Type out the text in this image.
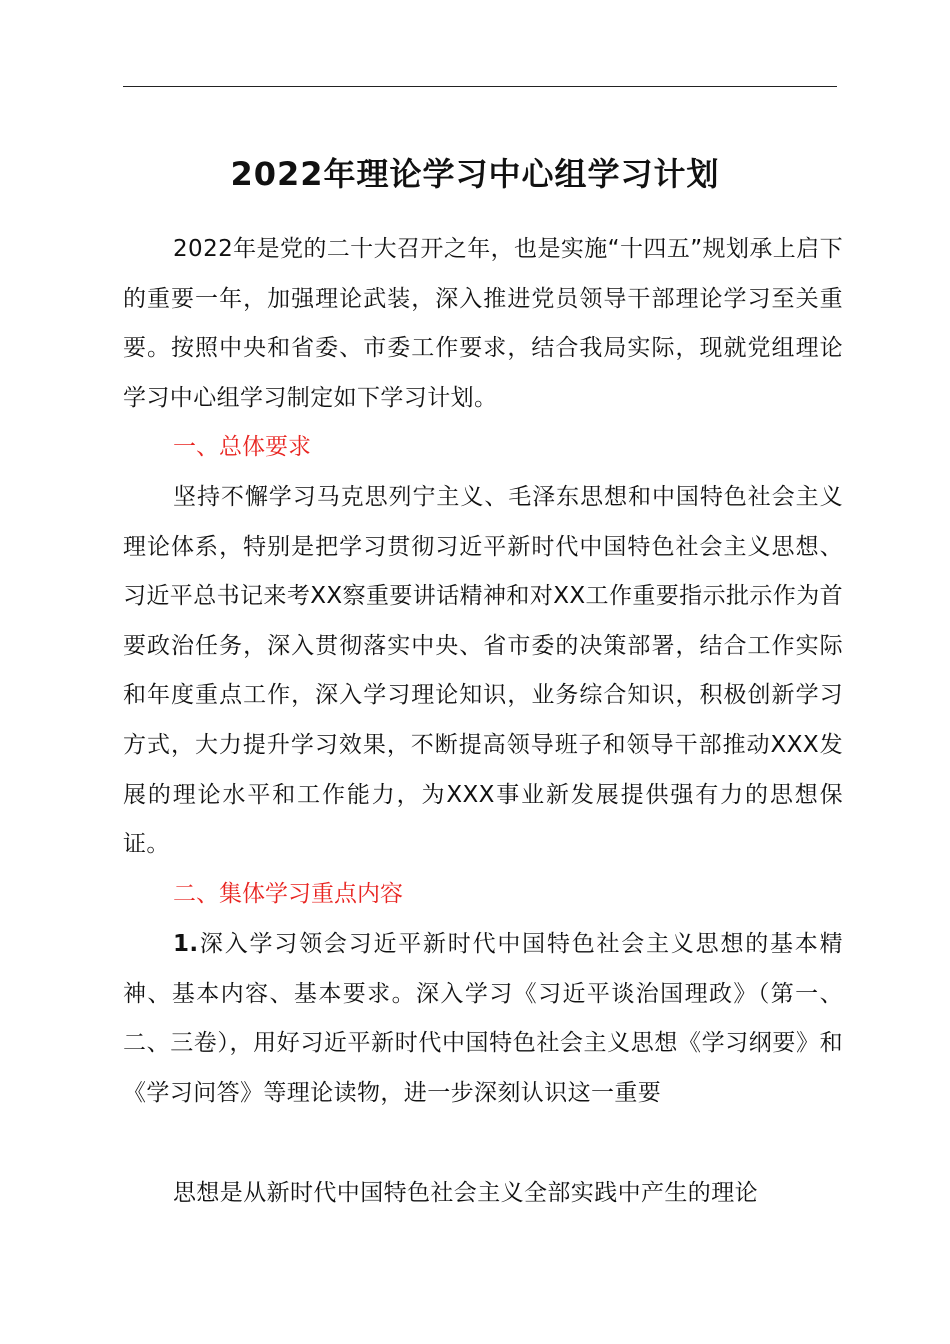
2022年理论学习中心组学习计划

2022年是党的二十大召开之年，也是实施“十四五”规划承上启下的重要一年，加强理论武装，深入推进党员领导干部理论学习至关重要。按照中央和省委、市委工作要求，结合我局实际，现就党组理论学习中心组学习制定如下学习计划。

一、总体要求

坚持不懈学习马克思列宁主义、毛泽东思想和中国特色社会主义理论体系，特别是把学习贯彻习近平新时代中国特色社会主义思想、习近平总书记来考XX察重要讲话精神和对XX工作重要指示批示作为首要政治任务，深入贯彻落实中央、省市委的决策部署，结合工作实际和年度重点工作，深入学习理论知识，业务综合知识，积极创新学习方式，大力提升学习效果，不断提高领导班子和领导干部推动XXX发展的理论水平和工作能力，为XXX事业新发展提供强有力的思想保证。

二、集体学习重点内容

1.深入学习领会习近平新时代中国特色社会主义思想的基本精神、基本内容、基本要求。深入学习《习近平谈治国理政》（第一、二、三卷），用好习近平新时代中国特色社会主义思想《学习纲要》和《学习问答》等理论读物，进一步深刻认识这一重要

思想是从新时代中国特色社会主义全部实践中产生的理论
